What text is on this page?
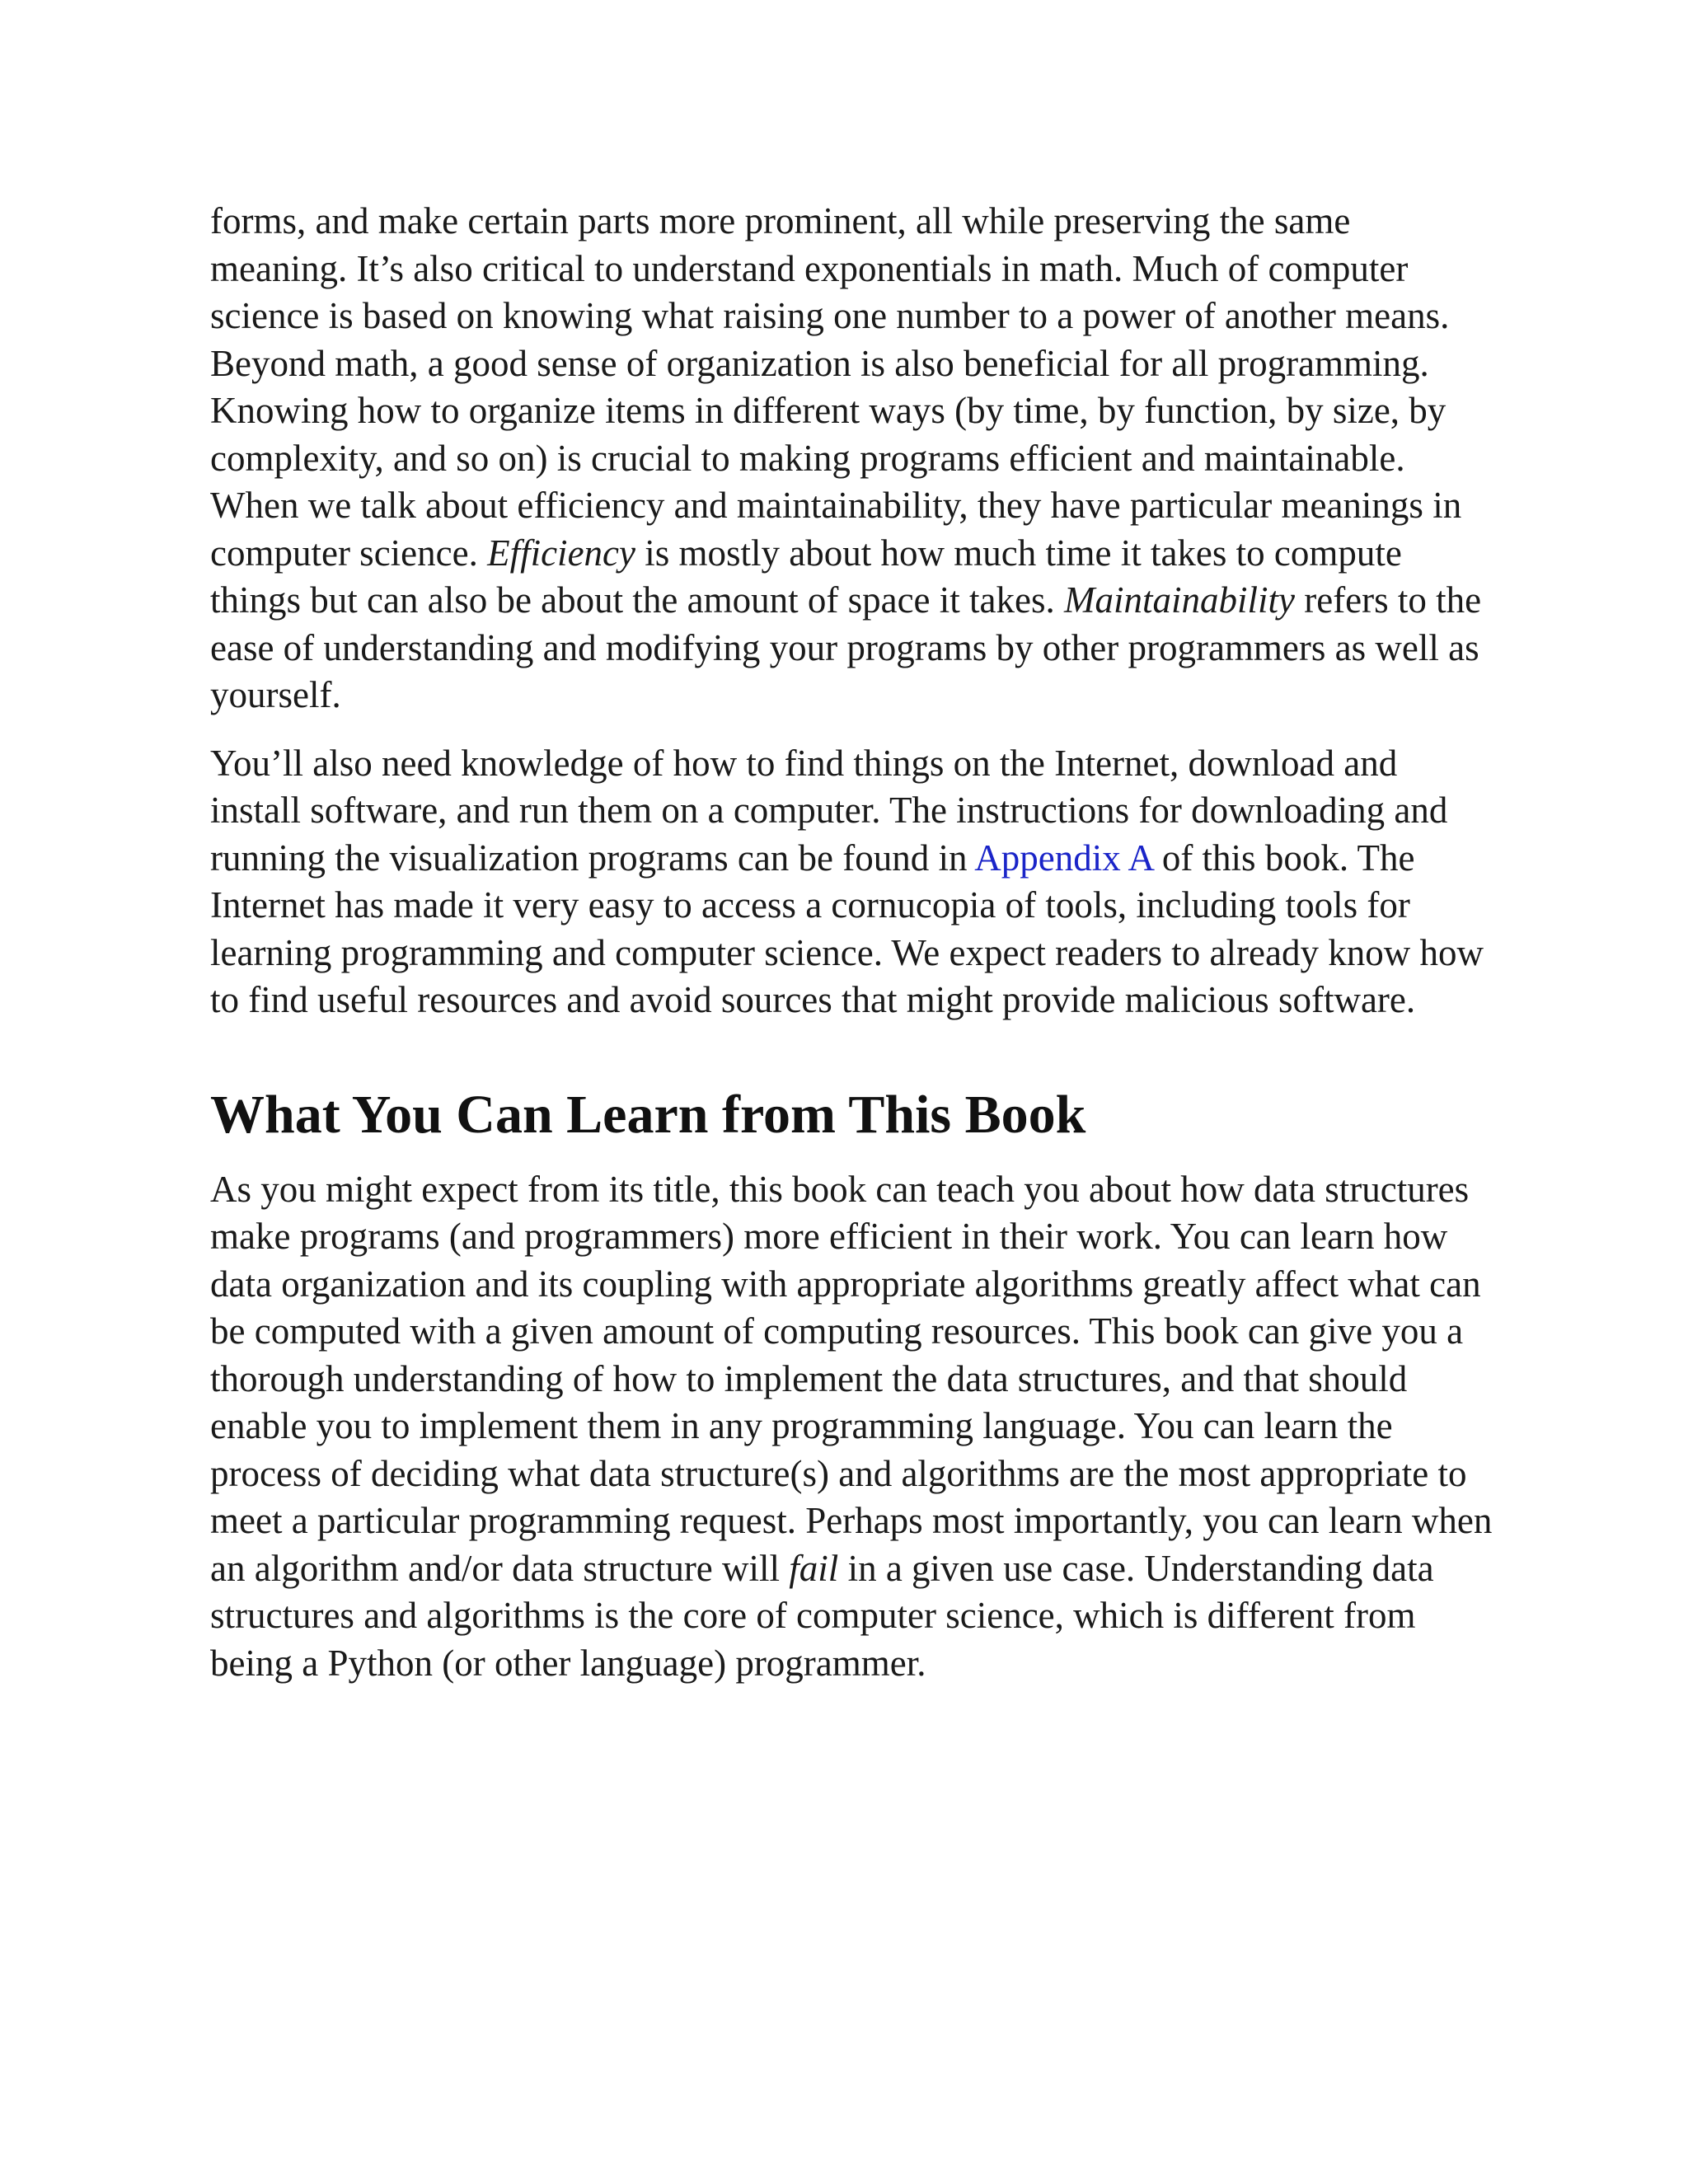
forms, and make certain parts more prominent, all while preserving the same meaning. It’s also critical to understand exponentials in math. Much of computer science is based on knowing what raising one number to a power of another means. Beyond math, a good sense of organization is also beneficial for all programming. Knowing how to organize items in different ways (by time, by function, by size, by complexity, and so on) is crucial to making programs efficient and maintainable. When we talk about efficiency and maintainability, they have particular meanings in computer science. Efficiency is mostly about how much time it takes to compute things but can also be about the amount of space it takes. Maintainability refers to the ease of understanding and modifying your programs by other programmers as well as yourself.

You’ll also need knowledge of how to find things on the Internet, download and install software, and run them on a computer. The instructions for downloading and running the visualization programs can be found in Appendix A of this book. The Internet has made it very easy to access a cornucopia of tools, including tools for learning programming and computer science. We expect readers to already know how to find useful resources and avoid sources that might provide malicious software.

What You Can Learn from This Book

As you might expect from its title, this book can teach you about how data structures make programs (and programmers) more efficient in their work. You can learn how data organization and its coupling with appropriate algorithms greatly affect what can be computed with a given amount of computing resources. This book can give you a thorough understanding of how to implement the data structures, and that should enable you to implement them in any programming language. You can learn the process of deciding what data structure(s) and algorithms are the most appropriate to meet a particular programming request. Perhaps most importantly, you can learn when an algorithm and/or data structure will fail in a given use case. Understanding data structures and algorithms is the core of computer science, which is different from being a Python (or other language) programmer.
